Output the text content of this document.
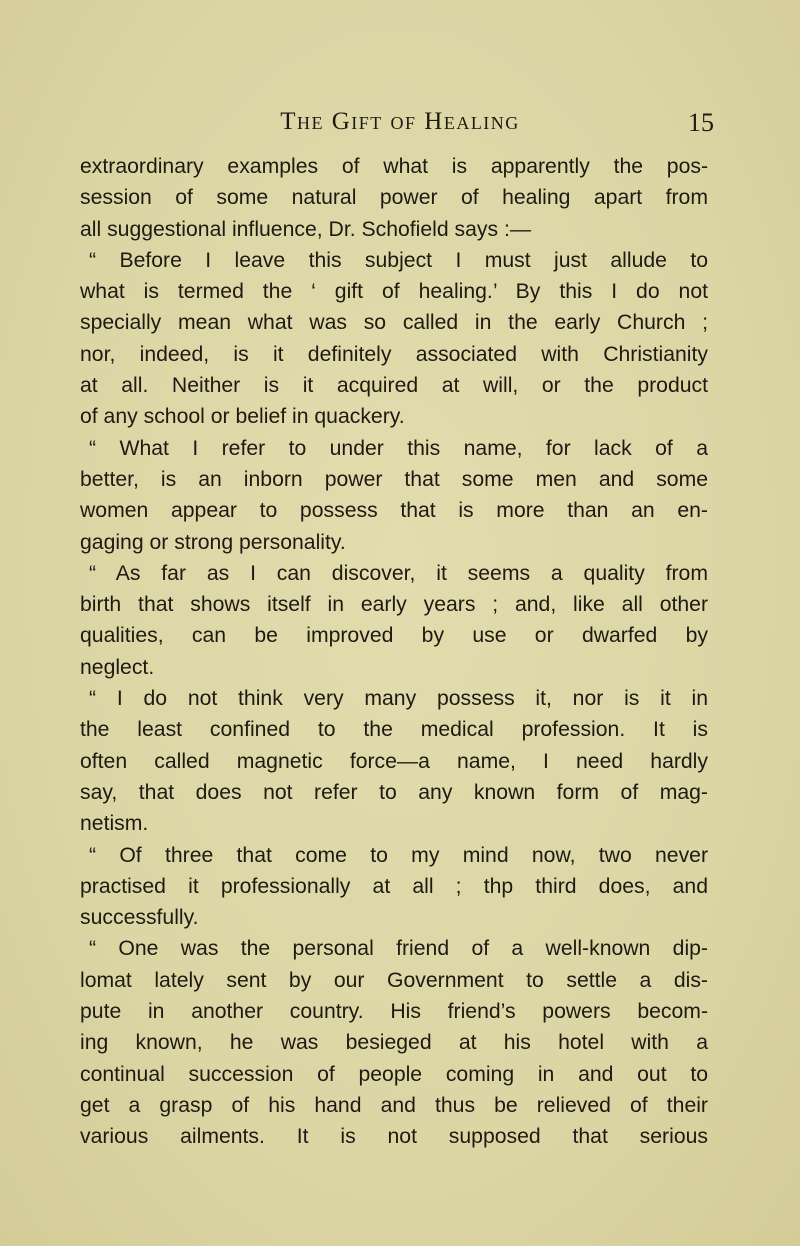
The Gift of Healing	15
extraordinary examples of what is apparently the pos-
session of some natural power of healing apart from
all suggestional influence, Dr. Schofield says :—
“ Before I leave this subject I must just allude to
what is termed the ‘ gift of healing.’ By this I do not
specially mean what was so called in the early Church ;
nor, indeed, is it definitely associated with Christianity
at all. Neither is it acquired at will, or the product
of any school or belief in quackery.
“ What I refer to under this name, for lack of a
better, is an inborn power that some men and some
women appear to possess that is more than an en-
gaging or strong personality.
“ As far as I can discover, it seems a quality from
birth that shows itself in early years ; and, like all other
qualities, can be improved by use or dwarfed by
neglect.
“ I do not think very many possess it, nor is it in
the least confined to the medical profession. It is
often called magnetic force—a name, I need hardly
say, that does not refer to any known form of mag-
netism.
“ Of three that come to my mind now, two never
practised it professionally at all ; thp third does, and
successfully.
“ One was the personal friend of a well-known dip-
lomat lately sent by our Government to settle a dis-
pute in another country. His friend’s powers becom-
ing known, he was besieged at his hotel with a
continual succession of people coming in and out to
get a grasp of his hand and thus be relieved of their
various ailments. It is not supposed that serious
